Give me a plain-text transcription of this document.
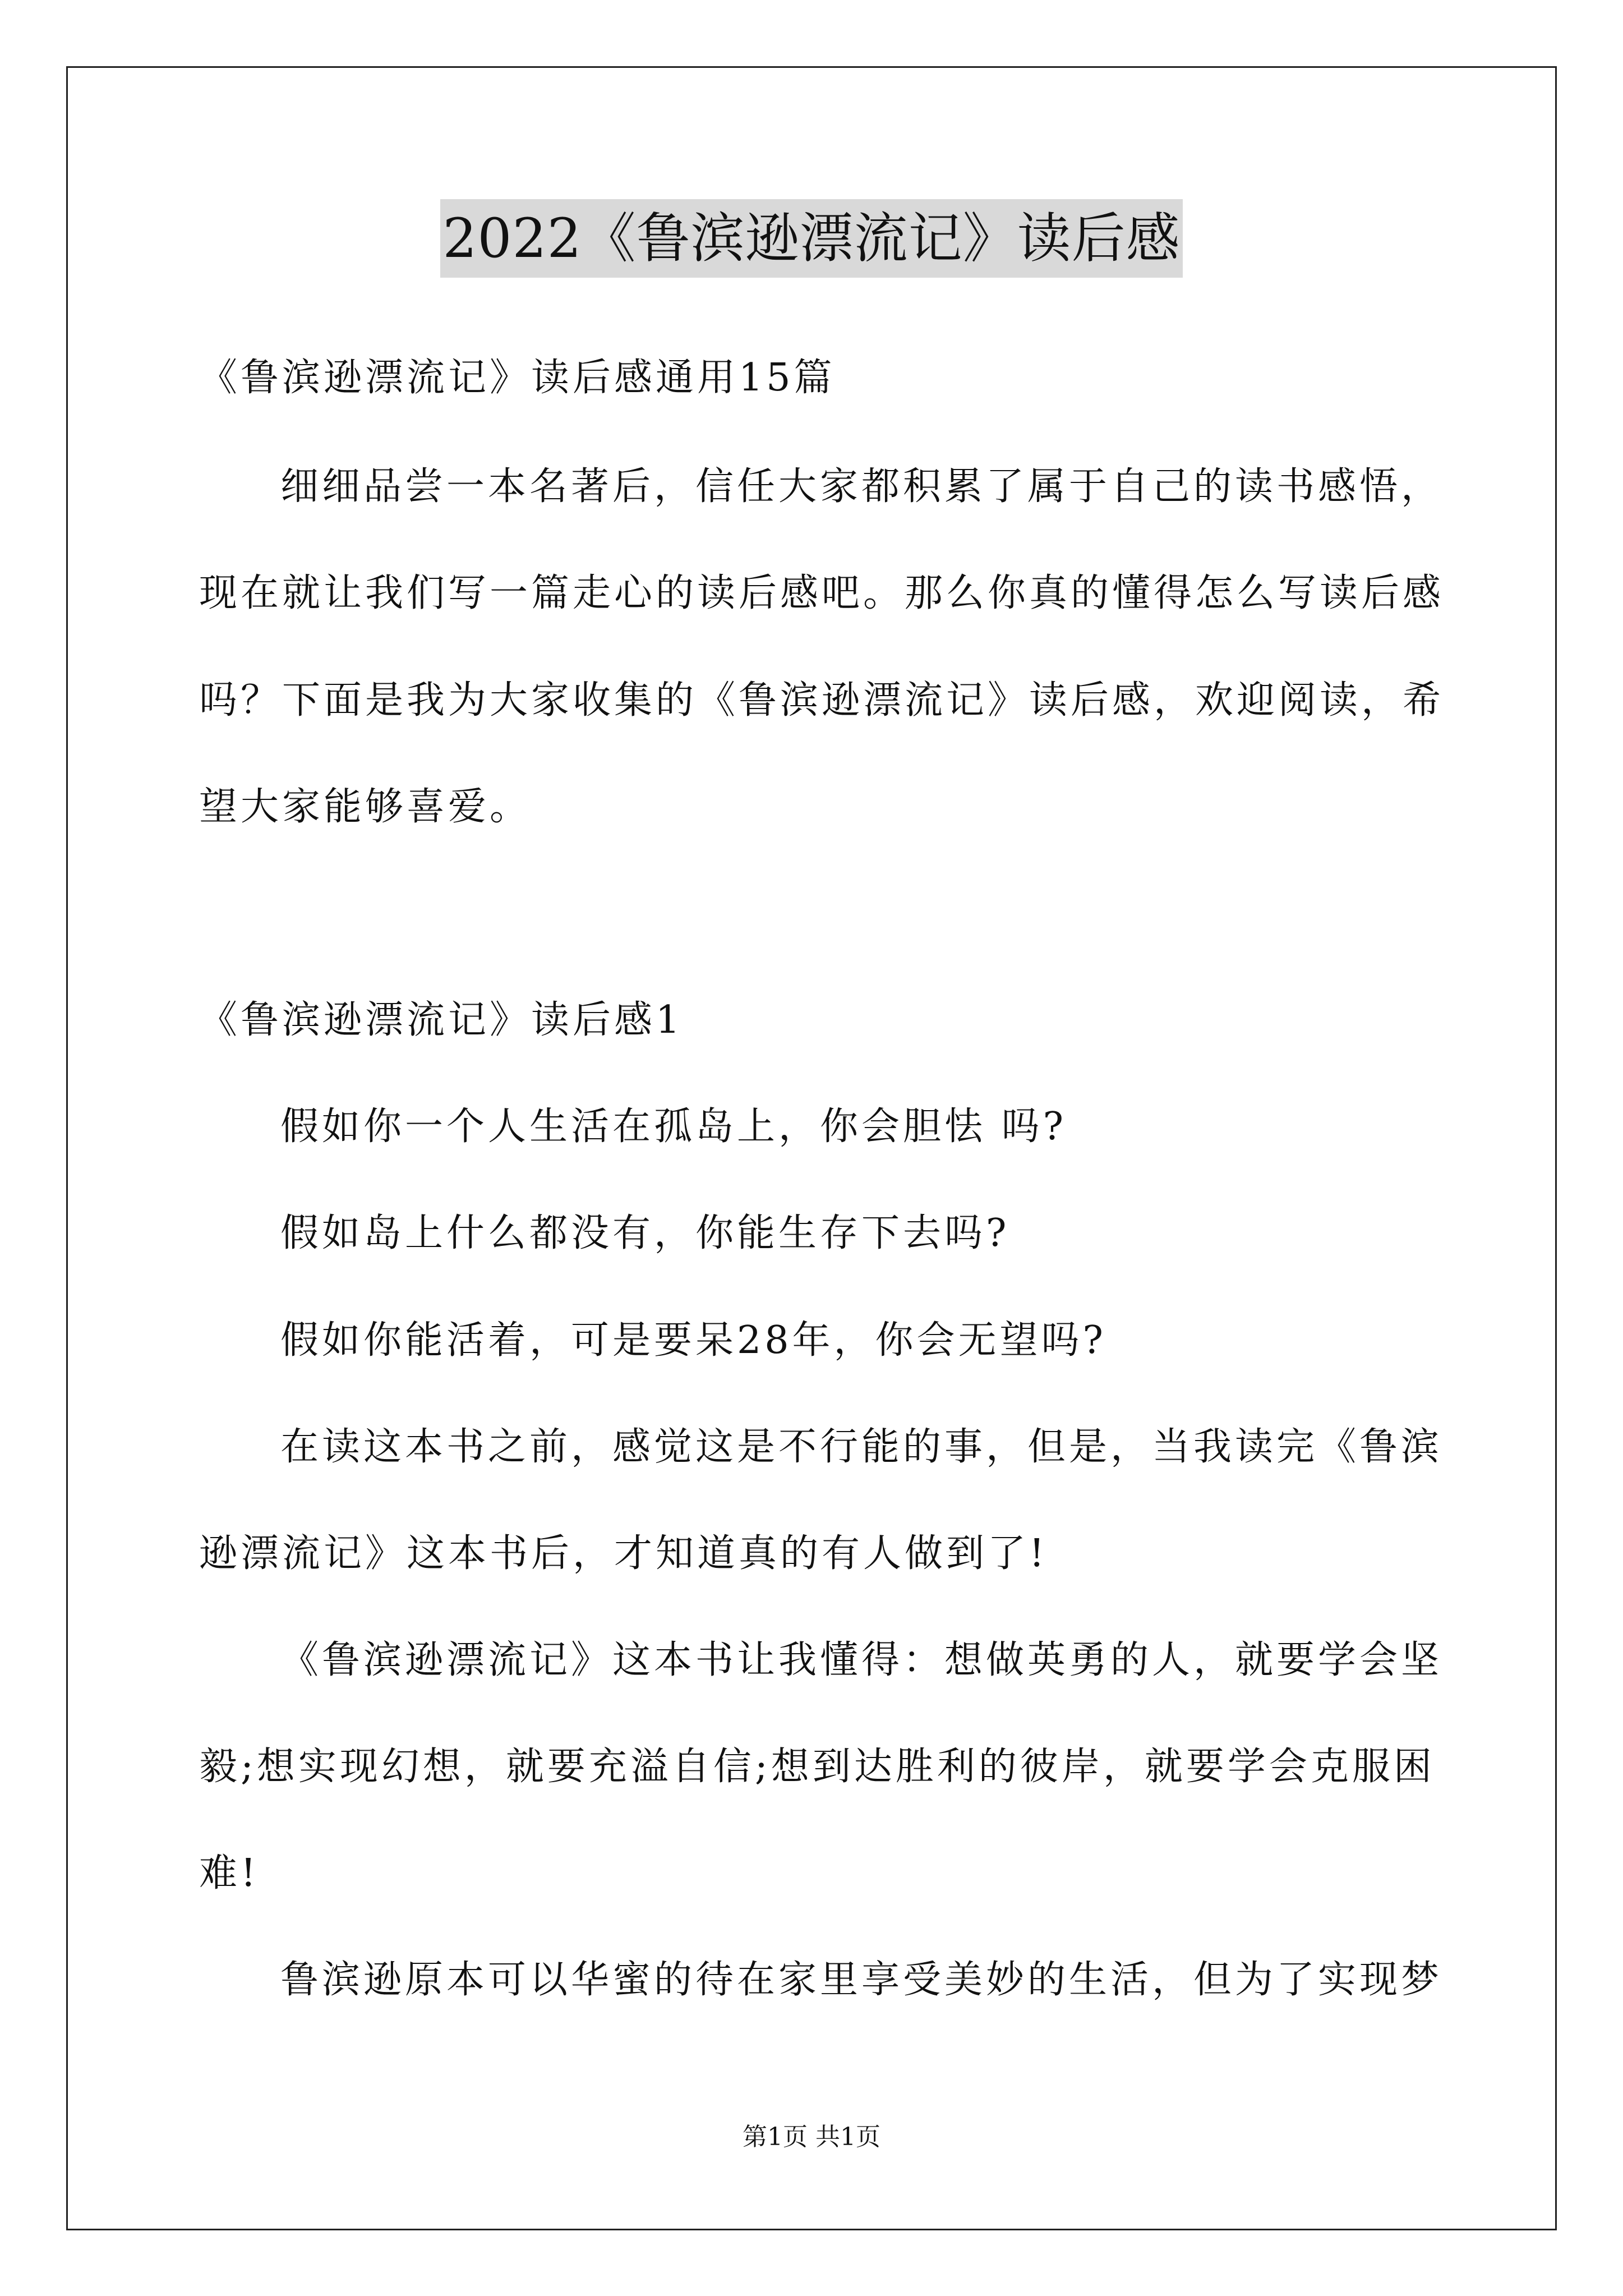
2022《鲁滨逊漂流记》读后感
《鲁滨逊漂流记》读后感通用15篇
细细品尝一本名著后，信任大家都积累了属于自己的读书感悟，
现在就让我们写一篇走心的读后感吧。那么你真的懂得怎么写读后感
吗？下面是我为大家收集的《鲁滨逊漂流记》读后感，欢迎阅读，希
望大家能够喜爱。
《鲁滨逊漂流记》读后感1
假如你一个人生活在孤岛上，你会胆怯 吗?
假如岛上什么都没有，你能生存下去吗?
假如你能活着，可是要呆28年，你会无望吗?
在读这本书之前，感觉这是不行能的事，但是，当我读完《鲁滨
逊漂流记》这本书后，才知道真的有人做到了!
《鲁滨逊漂流记》这本书让我懂得：想做英勇的人，就要学会坚
毅;想实现幻想，就要充溢自信;想到达胜利的彼岸，就要学会克服困
难!
鲁滨逊原本可以华蜜的待在家里享受美妙的生活，但为了实现梦
第1页 共1页
